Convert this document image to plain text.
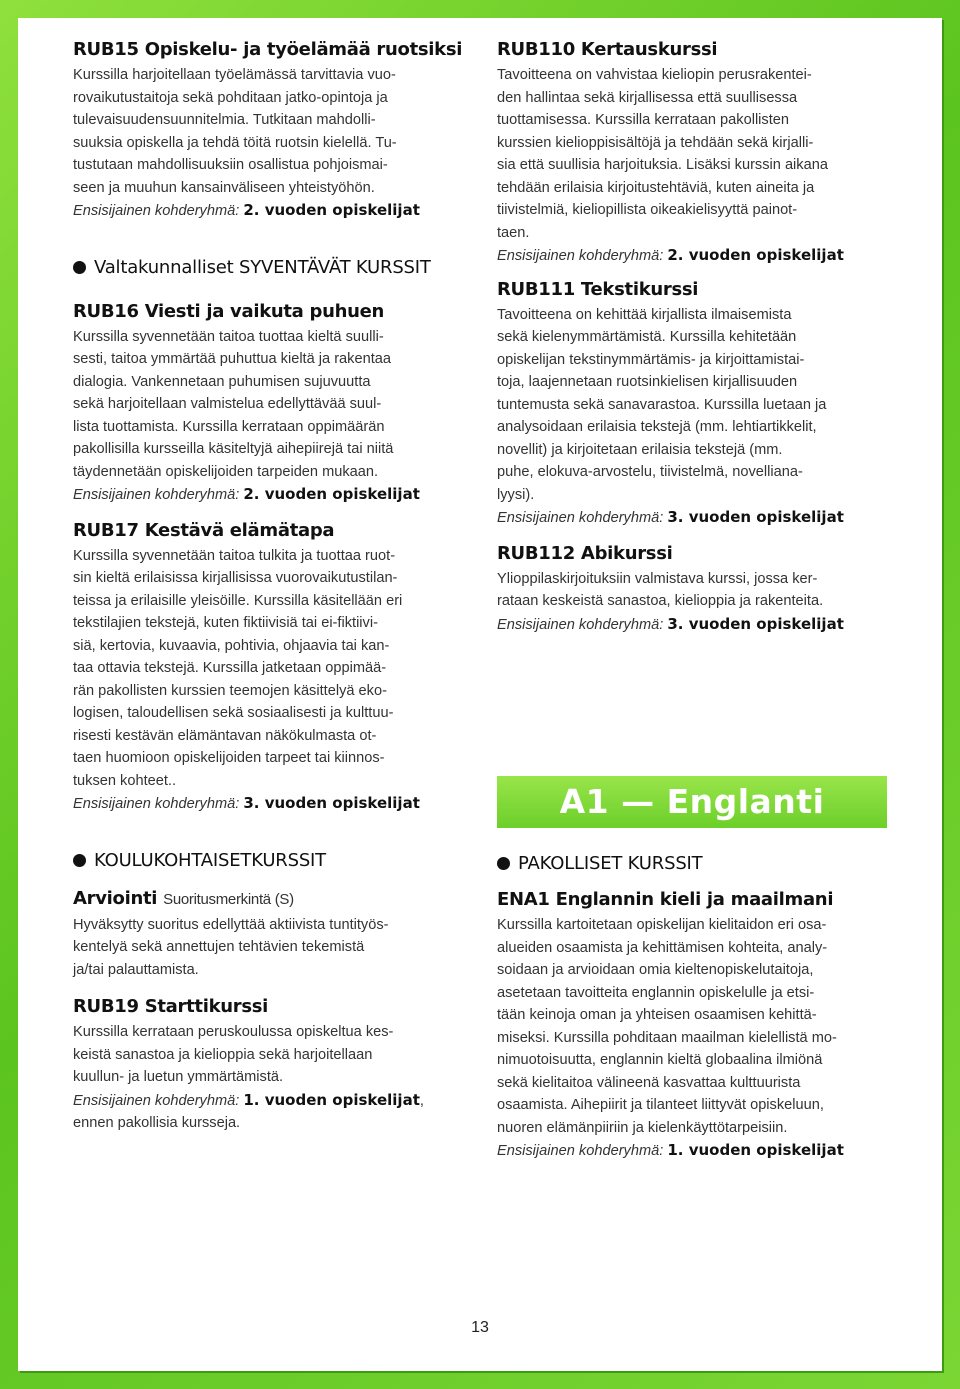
RUB15 Opiskelu- ja työelämää ruotsiksi
Kurssilla harjoitellaan työelämässä tarvittavia vuo-
rovaikutustaitoja sekä pohditaan jatko-opintoja ja
tulevaisuudensuunnitelmia. Tutkitaan mahdolli-
suuksia opiskella ja tehdä töitä ruotsin kielellä. Tu-
tustutaan mahdollisuuksiin osallistua pohjoismai-
seen ja muuhun kansainväliseen yhteistyöhön.
Ensisijainen kohderyhmä: 2. vuoden opiskelijat
Valtakunnalliset SYVENTÄVÄT KURSSIT
RUB16 Viesti ja vaikuta puhuen
Kurssilla syvennetään taitoa tuottaa kieltä suulli-
sesti, taitoa ymmärtää puhuttua kieltä ja rakentaa
dialogia. Vankennetaan puhumisen sujuvuutta
sekä harjoitellaan valmistelua edellyttävää suul-
lista tuottamista. Kurssilla kerrataan oppimäärän
pakollisilla kursseilla käsiteltyjä aihepiirejä tai niitä
täydennetään opiskelijoiden tarpeiden mukaan.
Ensisijainen kohderyhmä: 2. vuoden opiskelijat
RUB17 Kestävä elämätapa
Kurssilla syvennetään taitoa tulkita ja tuottaa ruot-
sin kieltä erilaisissa kirjallisissa vuorovaikutustilan-
teissa ja erilaisille yleisöille. Kurssilla käsitellään eri
tekstilajien tekstejä, kuten fiktiivisiä tai ei-fiktiivi-
siä, kertovia, kuvaavia, pohtivia, ohjaavia tai kan-
taa ottavia tekstejä. Kurssilla jatketaan oppimää-
rän pakollisten kurssien teemojen käsittelyä eko-
logisen, taloudellisen sekä sosiaalisesti ja kulttuu-
risesti kestävän elämäntavan näkökulmasta ot-
taen huomioon opiskelijoiden tarpeet tai kiinnos-
tuksen kohteet..
Ensisijainen kohderyhmä: 3. vuoden opiskelijat
KOULUKOHTAISETKURSSIT
Arviointi Suoritusmerkintä (S)
Hyväksytty suoritus edellyttää aktiivista tuntityös-
kentelyä sekä annettujen tehtävien tekemistä
ja/tai palauttamista.
RUB19 Starttikurssi
Kurssilla kerrataan peruskoulussa opiskeltua kes-
keistä sanastoa ja kielioppia sekä harjoitellaan
kuullun- ja luetun ymmärtämistä.
Ensisijainen kohderyhmä: 1. vuoden opiskelijat,
ennen pakollisia kursseja.
RUB110 Kertauskurssi
Tavoitteena on vahvistaa kieliopin perusrakentei-
den hallintaa sekä kirjallisessa että suullisessa
tuottamisessa. Kurssilla kerrataan pakollisten
kurssien kielioppisisältöjä ja tehdään sekä kirjalli-
sia että suullisia harjoituksia. Lisäksi kurssin aikana
tehdään erilaisia kirjoitustehtäviä, kuten aineita ja
tiivistelmiä, kieliopillista oikeakielisyyttä painot-
taen.
Ensisijainen kohderyhmä: 2. vuoden opiskelijat
RUB111 Tekstikurssi
Tavoitteena on kehittää kirjallista ilmaisemista
sekä kielenymmärtämistä. Kurssilla kehitetään
opiskelijan tekstinymmärtämis- ja kirjoittamistai-
toja, laajennetaan ruotsinkielisen kirjallisuuden
tuntemusta sekä sanavarastoa. Kurssilla luetaan ja
analysoidaan erilaisia tekstejä (mm. lehtiartikkelit,
novellit) ja kirjoitetaan erilaisia tekstejä (mm.
puhe, elokuva-arvostelu, tiivistelmä, novelliana-
lyysi).
Ensisijainen kohderyhmä: 3. vuoden opiskelijat
RUB112 Abikurssi
Ylioppilaskirjoituksiin valmistava kurssi, jossa ker-
rataan keskeistä sanastoa, kielioppia ja rakenteita.
Ensisijainen kohderyhmä: 3. vuoden opiskelijat
A1 — Englanti
PAKOLLISET KURSSIT
ENA1 Englannin kieli ja maailmani
Kurssilla kartoitetaan opiskelijan kielitaidon eri osa-
alueiden osaamista ja kehittämisen kohteita, analy-
soidaan ja arvioidaan omia kieltenopiskelutaitoja,
asetetaan tavoitteita englannin opiskelulle ja etsi-
tään keinoja oman ja yhteisen osaamisen kehittä-
miseksi. Kurssilla pohditaan maailman kielellistä mo-
nimuotoisuutta, englannin kieltä globaalina ilmiönä
sekä kielitaitoa välineenä kasvattaa kulttuurista
osaamista. Aihepiirit ja tilanteet liittyvät opiskeluun,
nuoren elämänpiiriin ja kielenkäyttötarpeisiin.
Ensisijainen kohderyhmä: 1. vuoden opiskelijat
13
